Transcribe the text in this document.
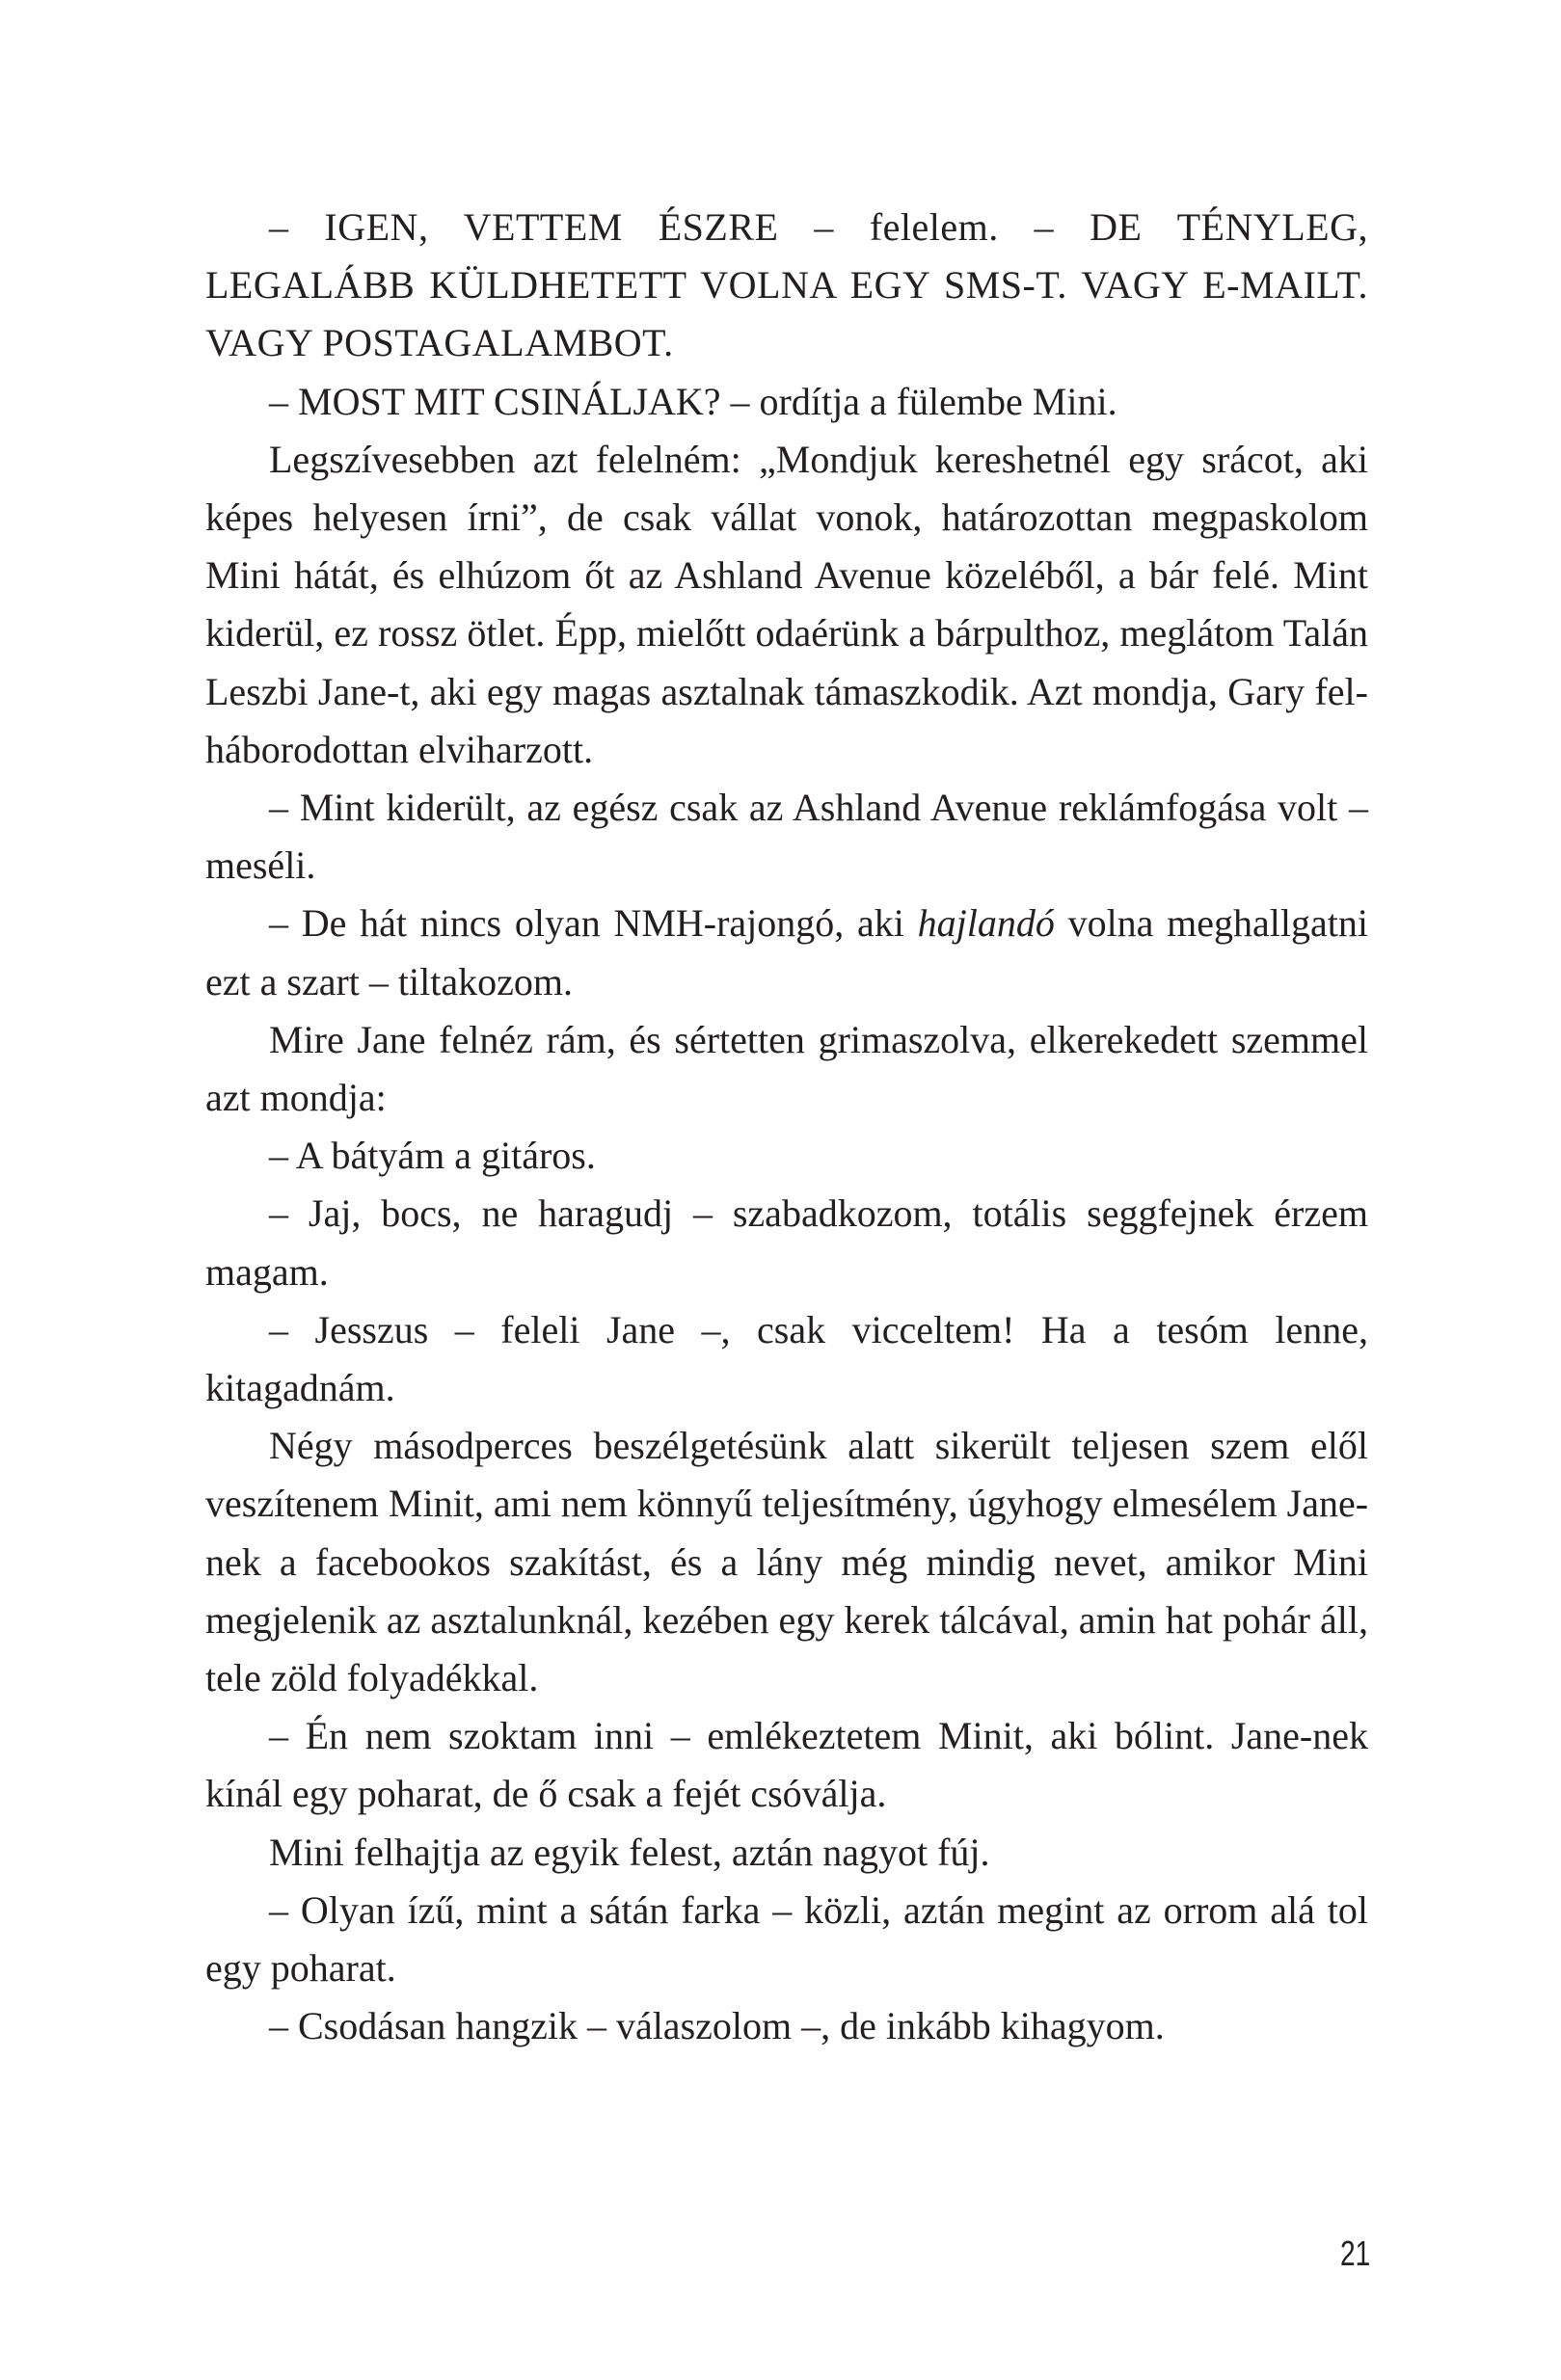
– IGEN, VETTEM ÉSZRE – felelem. – DE TÉNYLEG, LEGALÁBB KÜLDHETETT VOLNA EGY SMS-T. VAGY E-MAILT. VAGY POSTAGALAMBOT.

– MOST MIT CSINÁLJAK? – ordítja a fülembe Mini.

Legszívesebben azt felelném: „Mondjuk kereshetnél egy srácot, aki képes helyesen írni”, de csak vállat vonok, határozottan megpaskolom Mini hátát, és elhúzom őt az Ashland Avenue közeléből, a bár felé. Mint kiderül, ez rossz ötlet. Épp, mielőtt odaérünk a bárpulthoz, meglátom Talán Leszbi Jane-t, aki egy magas asztalnak támaszkodik. Azt mondja, Gary felháborodottan elviharzott.

– Mint kiderült, az egész csak az Ashland Avenue reklámfogása volt – meséli.

– De hát nincs olyan NMH-rajongó, aki hajlandó volna meghallgatni ezt a szart – tiltakozom.

Mire Jane felnéz rám, és sértetten grimaszolva, elkerekedett szemmel azt mondja:

– A bátyám a gitáros.

– Jaj, bocs, ne haragudj – szabadkozom, totális seggfejnek érzem magam.

– Jesszus – feleli Jane –, csak vicceltem! Ha a tesóm lenne, kitagadnám.

Négy másodperces beszélgetésünk alatt sikerült teljesen szem elől veszítenem Minit, ami nem könnyű teljesítmény, úgyhogy elmesélem Jane-nek a facebookos szakítást, és a lány még mindig nevet, amikor Mini megjelenik az asztalunknál, kezében egy kerek tálcával, amin hat pohár áll, tele zöld folyadékkal.

– Én nem szoktam inni – emlékeztetem Minit, aki bólint. Jane-nek kínál egy poharat, de ő csak a fejét csóválja.

Mini felhajtja az egyik felest, aztán nagyot fúj.

– Olyan ízű, mint a sátán farka – közli, aztán megint az orrom alá tol egy poharat.

– Csodásan hangzik – válaszolom –, de inkább kihagyom.

21
